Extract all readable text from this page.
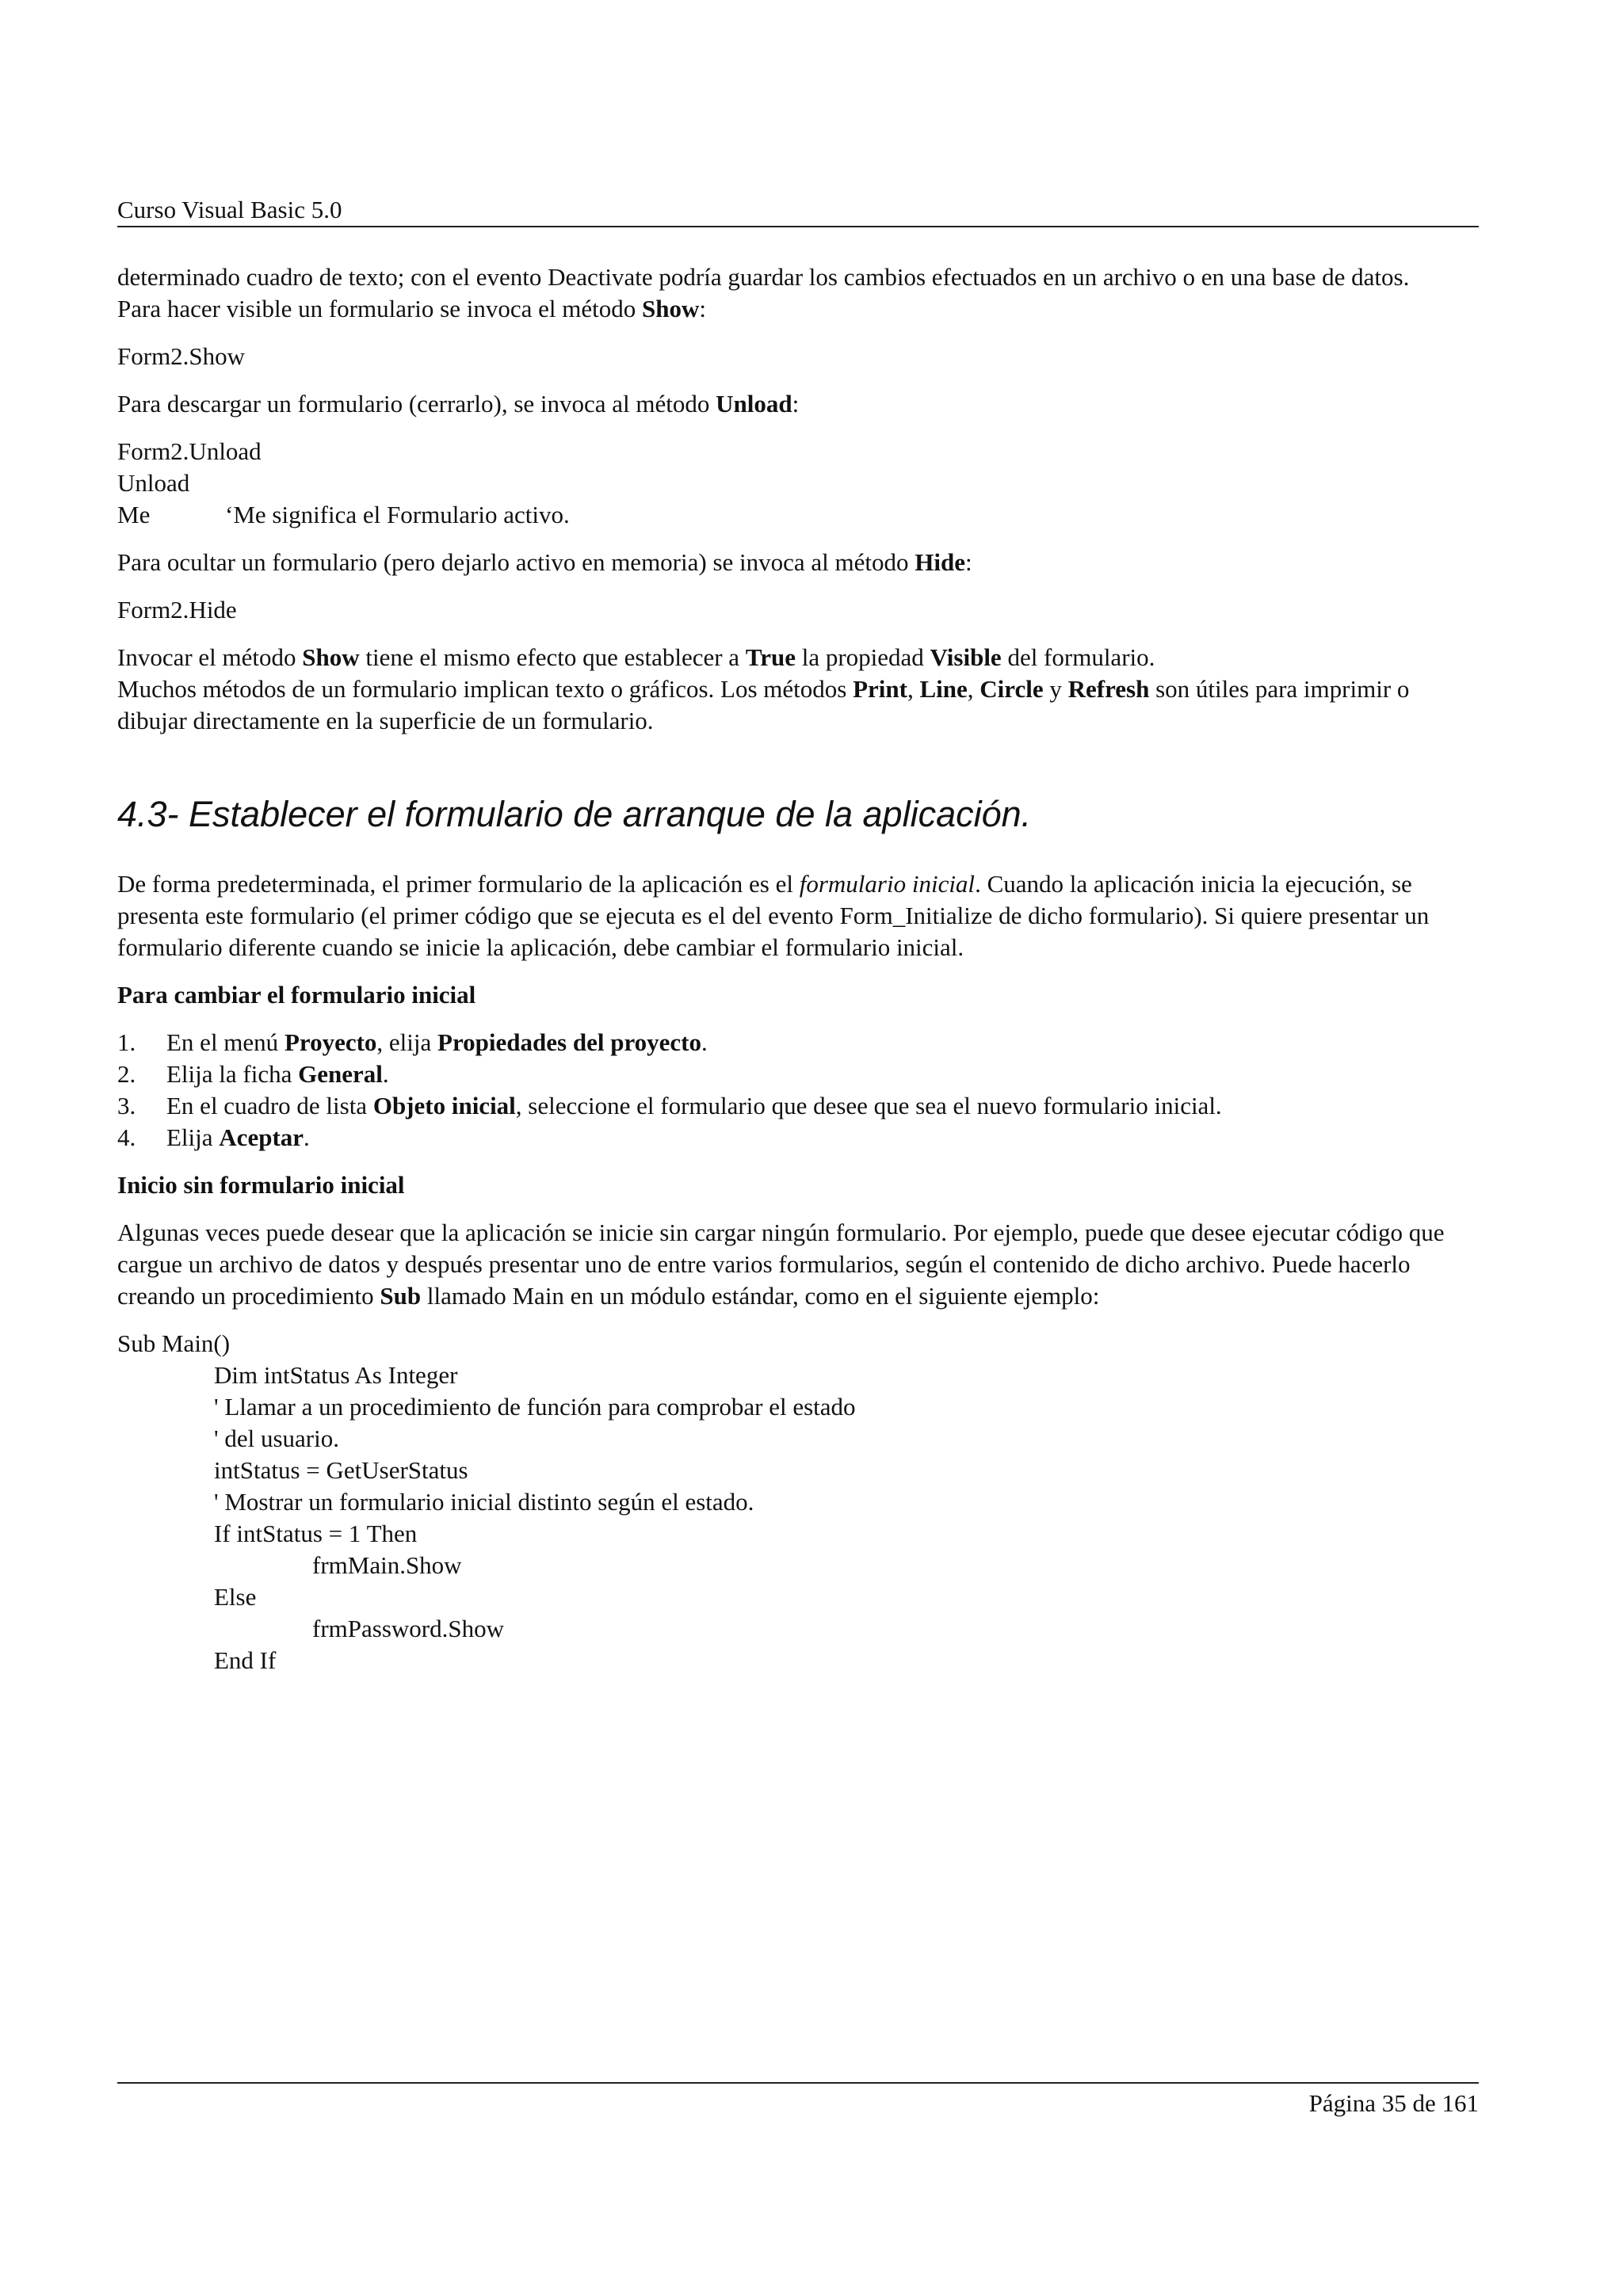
Curso Visual Basic 5.0

determinado cuadro de texto; con el evento Deactivate podría guardar los cambios efectuados en un archivo o en una base de datos.

Para hacer visible un formulario se invoca el método Show:

Form2.Show

Para descargar un formulario (cerrarlo), se invoca al método Unload:

Form2.Unload

Unload Me	‘Me significa el Formulario activo.

Para ocultar un formulario (pero dejarlo activo en memoria) se invoca al método Hide:

Form2.Hide

Invocar el método Show tiene el mismo efecto que establecer a True la propiedad Visible del formulario.

Muchos métodos de un formulario implican texto o gráficos. Los métodos Print, Line, Circle y Refresh son útiles para imprimir o dibujar directamente en la superficie de un formulario.

4.3- Establecer el formulario de arranque de la aplicación.

De forma predeterminada, el primer formulario de la aplicación es el formulario inicial. Cuando la aplicación inicia la ejecución, se presenta este formulario (el primer código que se ejecuta es el del evento Form_Initialize de dicho formulario). Si quiere presentar un formulario diferente cuando se inicie la aplicación, debe cambiar el formulario inicial.

Para cambiar el formulario inicial

1. En el menú Proyecto, elija Propiedades del proyecto.
2. Elija la ficha General.
3. En el cuadro de lista Objeto inicial, seleccione el formulario que desee que sea el nuevo formulario inicial.
4. Elija Aceptar.

Inicio sin formulario inicial

Algunas veces puede desear que la aplicación se inicie sin cargar ningún formulario. Por ejemplo, puede que desee ejecutar código que cargue un archivo de datos y después presentar uno de entre varios formularios, según el contenido de dicho archivo. Puede hacerlo creando un procedimiento Sub llamado Main en un módulo estándar, como en el siguiente ejemplo:

Sub Main()

Dim intStatus As Integer

' Llamar a un procedimiento de función para comprobar el estado

' del usuario.

intStatus = GetUserStatus

' Mostrar un formulario inicial distinto según el estado.

If intStatus = 1 Then

frmMain.Show

Else

frmPassword.Show

End If

Página 35 de 161
